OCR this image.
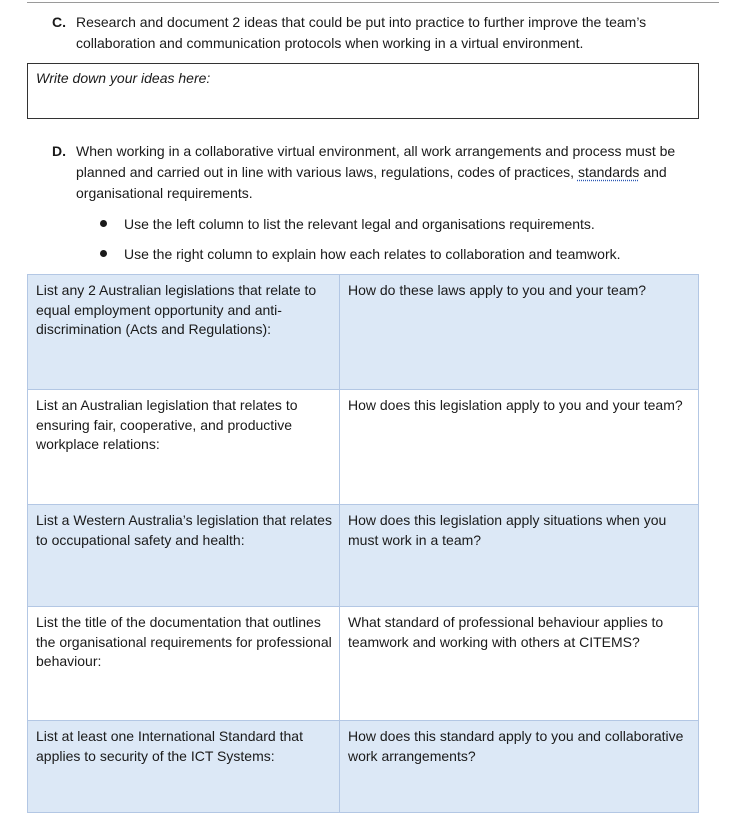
C. Research and document 2 ideas that could be put into practice to further improve the team’s collaboration and communication protocols when working in a virtual environment.
Write down your ideas here:
D. When working in a collaborative virtual environment, all work arrangements and process must be planned and carried out in line with various laws, regulations, codes of practices, standards and organisational requirements.
Use the left column to list the relevant legal and organisations requirements.
Use the right column to explain how each relates to collaboration and teamwork.
List any 2 Australian legislations that relate to equal employment opportunity and anti-discrimination (Acts and Regulations):	How do these laws apply to you and your team?
List an Australian legislation that relates to ensuring fair, cooperative, and productive workplace relations:	How does this legislation apply to you and your team?
List a Western Australia’s legislation that relates to occupational safety and health:	How does this legislation apply situations when you must work in a team?
List the title of the documentation that outlines the organisational requirements for professional behaviour:	What standard of professional behaviour applies to teamwork and working with others at CITEMS?
List at least one International Standard that applies to security of the ICT Systems:	How does this standard apply to you and collaborative work arrangements?
